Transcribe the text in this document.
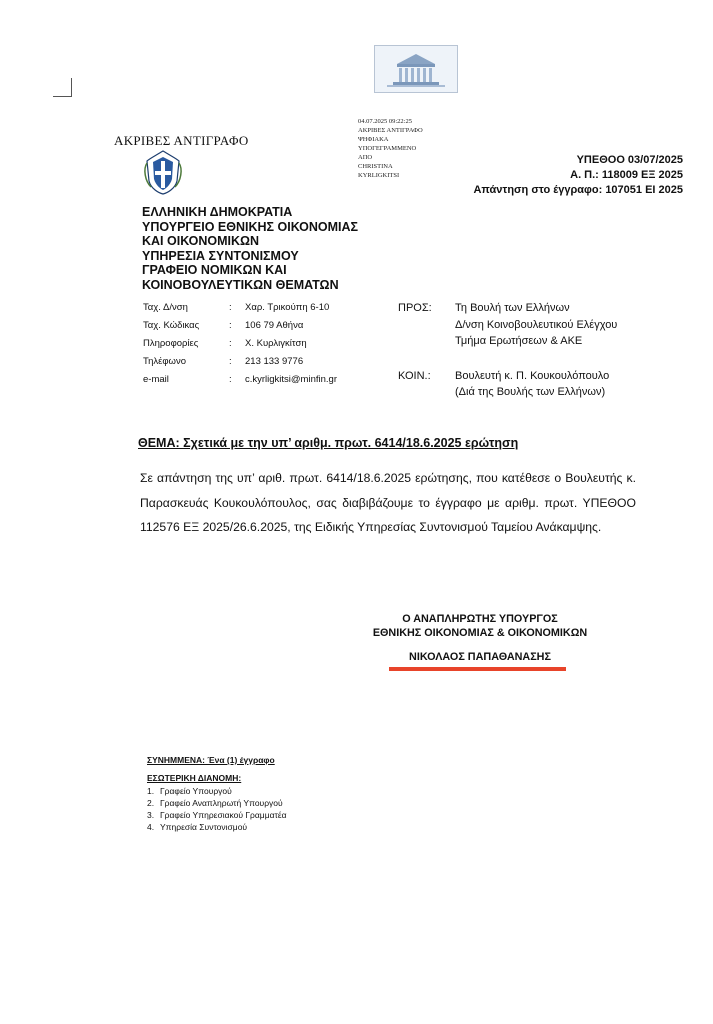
ΑΚΡΙΒΕΣ ΑΝΤΙΓΡΑΦΟ
04.07.2025 09:22:25
ΑΚΡΙΒΕΣ ΑΝΤΙΓΡΑΦΟ
ΨΗΦΙΑΚΑ
ΥΠΟΓΕΓΡΑΜΜΕΝΟ
ΑΠΟ
CHRISTINA
KYRLIGKITSI
ΥΠΕΘΟΟ 03/07/2025
Α. Π.: 118009 ΕΞ 2025
Απάντηση στο έγγραφο: 107051 ΕΙ 2025
ΕΛΛΗΝΙΚΗ ΔΗΜΟΚΡΑΤΙΑ
ΥΠΟΥΡΓΕΙΟ ΕΘΝΙΚΗΣ ΟΙΚΟΝΟΜΙΑΣ
ΚΑΙ ΟΙΚΟΝΟΜΙΚΩΝ
ΥΠΗΡΕΣΙΑ ΣΥΝΤΟΝΙΣΜΟΥ
ΓΡΑΦΕΙΟ ΝΟΜΙΚΩΝ ΚΑΙ
ΚΟΙΝΟΒΟΥΛΕΥΤΙΚΩΝ ΘΕΜΑΤΩΝ
Ταχ. Δ/νση	:	Χαρ. Τρικούπη 6-10
Ταχ. Κώδικας	:	106 79 Αθήνα
Πληροφορίες	:	Χ. Κυρλιγκίτση
Τηλέφωνο	:	213 133 9776
e-mail	:	c.kyrligkitsi@minfin.gr
ΠΡΟΣ:	Τη Βουλή των Ελλήνων
	Δ/νση Κοινοβουλευτικού Ελέγχου
	Τμήμα Ερωτήσεων & ΑΚΕ

ΚΟΙΝ.:	Βουλευτή κ. Π. Κουκουλόπουλο
	(Διά της Βουλής των Ελλήνων)
ΘΕΜΑ: Σχετικά με την υπ’ αριθμ. πρωτ. 6414/18.6.2025 ερώτηση
Σε απάντηση της υπ’ αριθ. πρωτ. 6414/18.6.2025 ερώτησης, που κατέθεσε ο Βουλευτής κ. Παρασκευάς Κουκουλόπουλος, σας διαβιβάζουμε το έγγραφο με αριθμ. πρωτ. ΥΠΕΘΟΟ 112576 ΕΞ 2025/26.6.2025, της Ειδικής Υπηρεσίας Συντονισμού Ταμείου Ανάκαμψης.
Ο ΑΝΑΠΛΗΡΩΤΗΣ ΥΠΟΥΡΓΟΣ
ΕΘΝΙΚΗΣ ΟΙΚΟΝΟΜΙΑΣ & ΟΙΚΟΝΟΜΙΚΩΝ
ΝΙΚΟΛΑΟΣ ΠΑΠΑΘΑΝΑΣΗΣ
ΣΥΝΗΜΜΕΝΑ: Ένα (1) έγγραφο
ΕΣΩΤΕΡΙΚΗ ΔΙΑΝΟΜΗ:
1. Γραφείο Υπουργού
2. Γραφείο Αναπληρωτή Υπουργού
3. Γραφείο Υπηρεσιακού Γραμματέα
4. Υπηρεσία Συντονισμού
